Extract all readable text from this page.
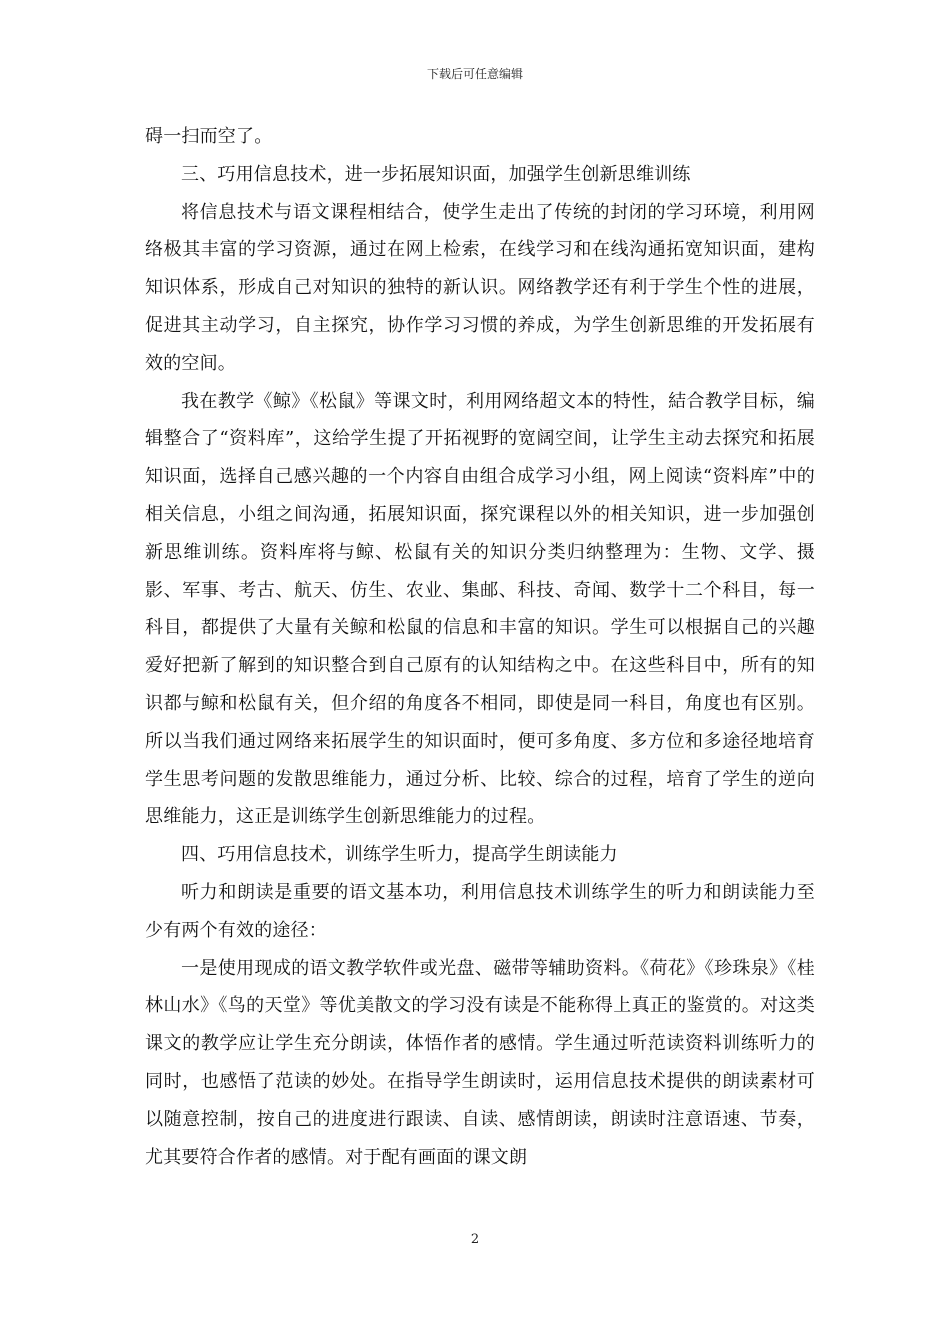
下载后可任意编辑

碍一扫而空了。

三、巧用信息技术，进一步拓展知识面，加强学生创新思维训练

将信息技术与语文课程相结合，使学生走出了传统的封闭的学习环境，利用网络极其丰富的学习资源，通过在网上检索，在线学习和在线沟通拓宽知识面，建构知识体系，形成自己对知识的独特的新认识。网络教学还有利于学生个性的进展，促进其主动学习，自主探究，协作学习习惯的养成，为学生创新思维的开发拓展有效的空间。

我在教学《鲸》《松鼠》等课文时，利用网络超文本的特性，結合教学目标，编辑整合了“资料库”，这给学生提了开拓视野的宽阔空间，让学生主动去探究和拓展知识面，选择自己感兴趣的一个内容自由组合成学习小组，网上阅读“资料库”中的相关信息，小组之间沟通，拓展知识面，探究课程以外的相关知识，进一步加强创新思维训练。资料库将与鲸、松鼠有关的知识分类归纳整理为：生物、文学、摄影、军事、考古、航天、仿生、农业、集邮、科技、奇闻、数学十二个科目，每一科目，都提供了大量有关鲸和松鼠的信息和丰富的知识。学生可以根据自己的兴趣爱好把新了解到的知识整合到自己原有的认知结构之中。在这些科目中，所有的知识都与鲸和松鼠有关，但介绍的角度各不相同，即使是同一科目，角度也有区别。所以当我们通过网络来拓展学生的知识面时，便可多角度、多方位和多途径地培育学生思考问题的发散思维能力，通过分析、比较、综合的过程，培育了学生的逆向思维能力，这正是训练学生创新思维能力的过程。

四、巧用信息技术，训练学生听力，提高学生朗读能力

听力和朗读是重要的语文基本功，利用信息技术训练学生的听力和朗读能力至少有两个有效的途径：

一是使用现成的语文教学软件或光盘、磁带等辅助资料。《荷花》《珍珠泉》《桂林山水》《鸟的天堂》等优美散文的学习没有读是不能称得上真正的鉴赏的。对这类课文的教学应让学生充分朗读，体悟作者的感情。学生通过听范读资料训练听力的同时，也感悟了范读的妙处。在指导学生朗读时，运用信息技术提供的朗读素材可以随意控制，按自己的进度进行跟读、自读、感情朗读，朗读时注意语速、节奏，尤其要符合作者的感情。对于配有画面的课文朗

2
